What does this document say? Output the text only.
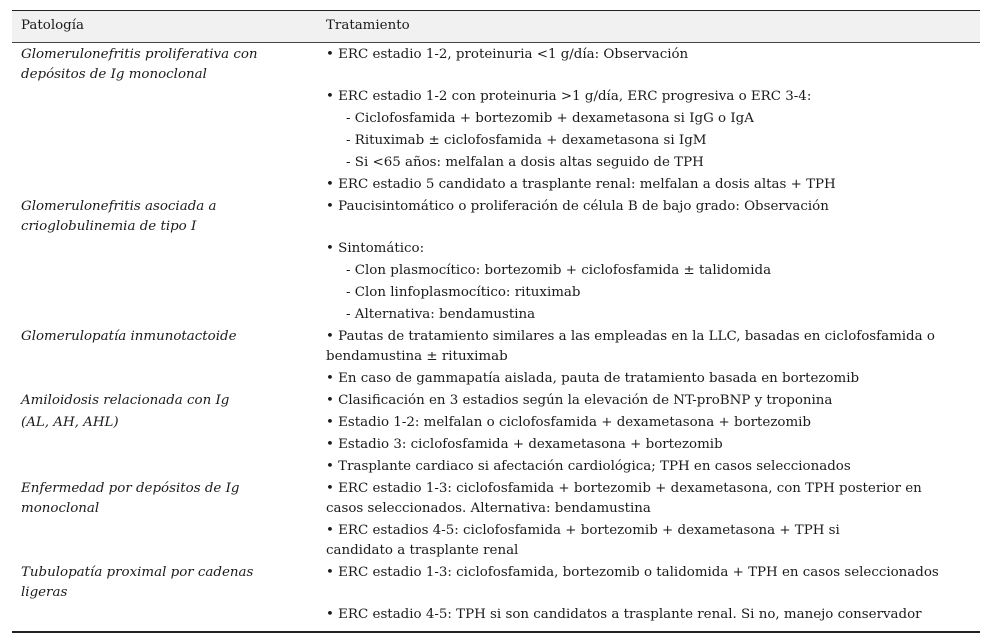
Patología	Tratamiento
Glomerulonefritis proliferativa con
depósitos de Ig monoclonal
• ERC estadio 1-2, proteinuria <1 g/día: Observación
• ERC estadio 1-2 con proteinuria >1 g/día, ERC progresiva o ERC 3-4:
- Ciclofosfamida + bortezomib + dexametasona si IgG o IgA
- Rituximab ± ciclofosfamida + dexametasona si IgM
- Si <65 años: melfalan a dosis altas seguido de TPH
• ERC estadio 5 candidato a trasplante renal: melfalan a dosis altas + TPH
Glomerulonefritis asociada a
crioglobulinemia de tipo I
• Paucisintomático o proliferación de célula B de bajo grado: Observación
• Sintomático:
- Clon plasmocítico: bortezomib + ciclofosfamida ± talidomida
- Clon linfoplasmocítico: rituximab
- Alternativa: bendamustina
Glomerulopatía inmunotactoide	• Pautas de tratamiento similares a las empleadas en la LLC, basadas en ciclofosfamida o
bendamustina ± rituximab
• En caso de gammapatía aislada, pauta de tratamiento basada en bortezomib
Amiloidosis relacionada con Ig
(AL, AH, AHL)
• Clasificación en 3 estadios según la elevación de NT-proBNP y troponina
• Estadio 1-2: melfalan o ciclofosfamida + dexametasona + bortezomib
• Estadio 3: ciclofosfamida + dexametasona + bortezomib
• Trasplante cardiaco si afectación cardiológica; TPH en casos seleccionados
Enfermedad por depósitos de Ig
monoclonal
• ERC estadio 1-3: ciclofosfamida + bortezomib + dexametasona, con TPH posterior en
casos seleccionados. Alternativa: bendamustina
• ERC estadios 4-5: ciclofosfamida + bortezomib + dexametasona + TPH si
candidato a trasplante renal
Tubulopatía proximal por cadenas
ligeras
• ERC estadio 1-3: ciclofosfamida, bortezomib o talidomida + TPH en casos seleccionados
• ERC estadio 4-5: TPH si son candidatos a trasplante renal. Si no, manejo conservador
